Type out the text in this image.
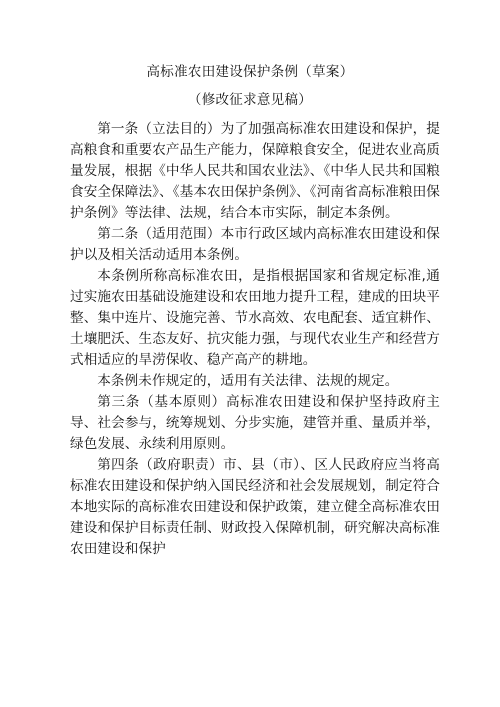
高标准农田建设保护条例（草案）
（修改征求意见稿）

第一条（立法目的）为了加强高标准农田建设和保护，提高粮食和重要农产品生产能力，保障粮食安全，促进农业高质量发展，根据《中华人民共和国农业法》、《中华人民共和国粮食安全保障法》、《基本农田保护条例》、《河南省高标准粮田保护条例》等法律、法规，结合本市实际，制定本条例。

第二条（适用范围）本市行政区域内高标准农田建设和保护以及相关活动适用本条例。

本条例所称高标准农田，是指根据国家和省规定标准,通过实施农田基础设施建设和农田地力提升工程，建成的田块平整、集中连片、设施完善、节水高效、农电配套、适宜耕作、土壤肥沃、生态友好、抗灾能力强，与现代农业生产和经营方式相适应的旱涝保收、稳产高产的耕地。

本条例未作规定的，适用有关法律、法规的规定。

第三条（基本原则）高标准农田建设和保护坚持政府主导、社会参与，统筹规划、分步实施，建管并重、量质并举，绿色发展、永续利用原则。

第四条（政府职责）市、县（市）、区人民政府应当将高标准农田建设和保护纳入国民经济和社会发展规划，制定符合本地实际的高标准农田建设和保护政策，建立健全高标准农田建设和保护目标责任制、财政投入保障机制，研究解决高标准农田建设和保护
